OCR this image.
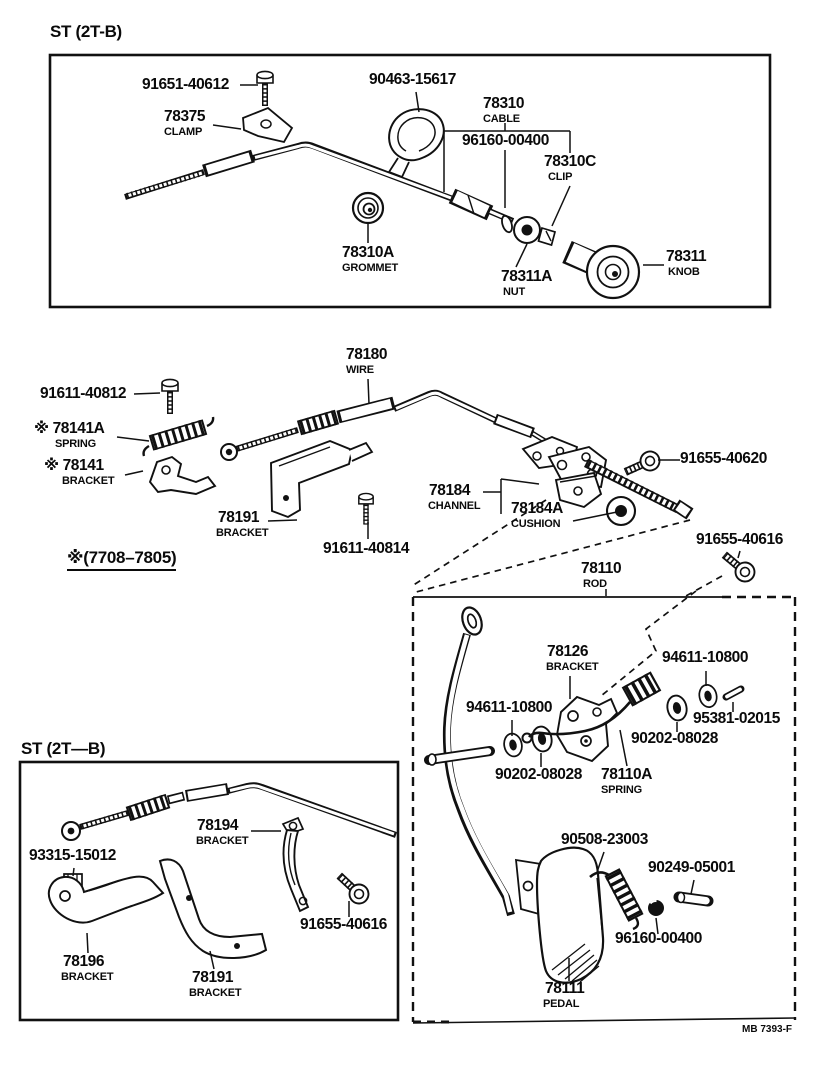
ST (2T-B)
ST (2T—B)
※(7708–7805)
MB 7393-F
91651-40612
78375
CLAMP
90463-15617
78310
CABLE
96160-00400
78310C
CLIP
78310A
GROMMET
78311A
NUT
78311
KNOB
78180
WIRE
91611-40812
※ 78141A
SPRING
※ 78141
BRACKET
78191
BRACKET
91611-40814
78184
CHANNEL 78184A
CUSHION
91655-40620
91655-40616
78110
ROD
78126
BRACKET
94611-10800
95381-02015
94611-10800
90202-08028
90202-08028
78110A
SPRING
90508-23003
90249-05001
96160-00400
78111
PEDAL
93315-15012
78194
BRACKET
91655-40616
78196
BRACKET	78191
BRACKET
